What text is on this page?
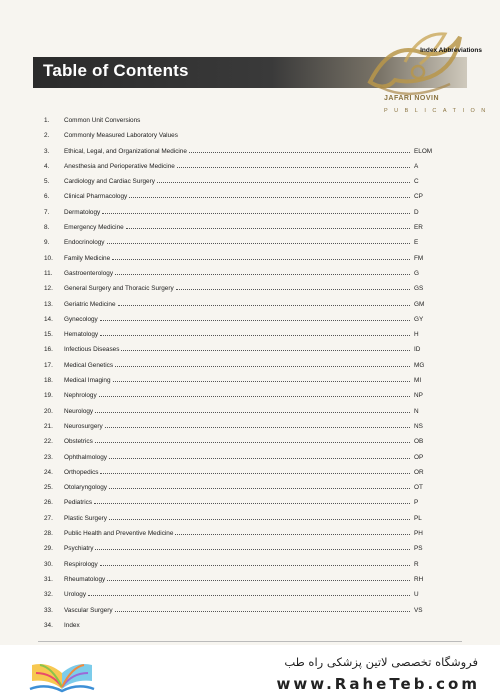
Table of Contents
JAFARI NOVIN
Index Abbreviations
PUBLICATION
1.	Common Unit Conversions
2.	Commonly Measured Laboratory Values
3.	Ethical, Legal, and Organizational Medicine	ELOM
4.	Anesthesia and Perioperative Medicine	A
5.	Cardiology and Cardiac Surgery	C
6.	Clinical Pharmacology	CP
7.	Dermatology	D
8.	Emergency Medicine	ER
9.	Endocrinology	E
10.	Family Medicine	FM
11.	Gastroenterology	G
12.	General Surgery and Thoracic Surgery	GS
13.	Geriatric Medicine	GM
14.	Gynecology	GY
15.	Hematology	H
16.	Infectious Diseases	ID
17.	Medical Genetics	MG
18.	Medical Imaging	MI
19.	Nephrology	NP
20.	Neurology	N
21.	Neurosurgery	NS
22.	Obstetrics	OB
23.	Ophthalmology	OP
24.	Orthopedics	OR
25.	Otolaryngology	OT
26.	Pediatrics	P
27.	Plastic Surgery	PL
28.	Public Health and Preventive Medicine	PH
29.	Psychiatry	PS
30.	Respirology	R
31.	Rheumatology	RH
32.	Urology	U
33.	Vascular Surgery	VS
34.	Index
فروشگاه تخصصی لاتین پزشکی راه طب
www.RaheTeb.com
